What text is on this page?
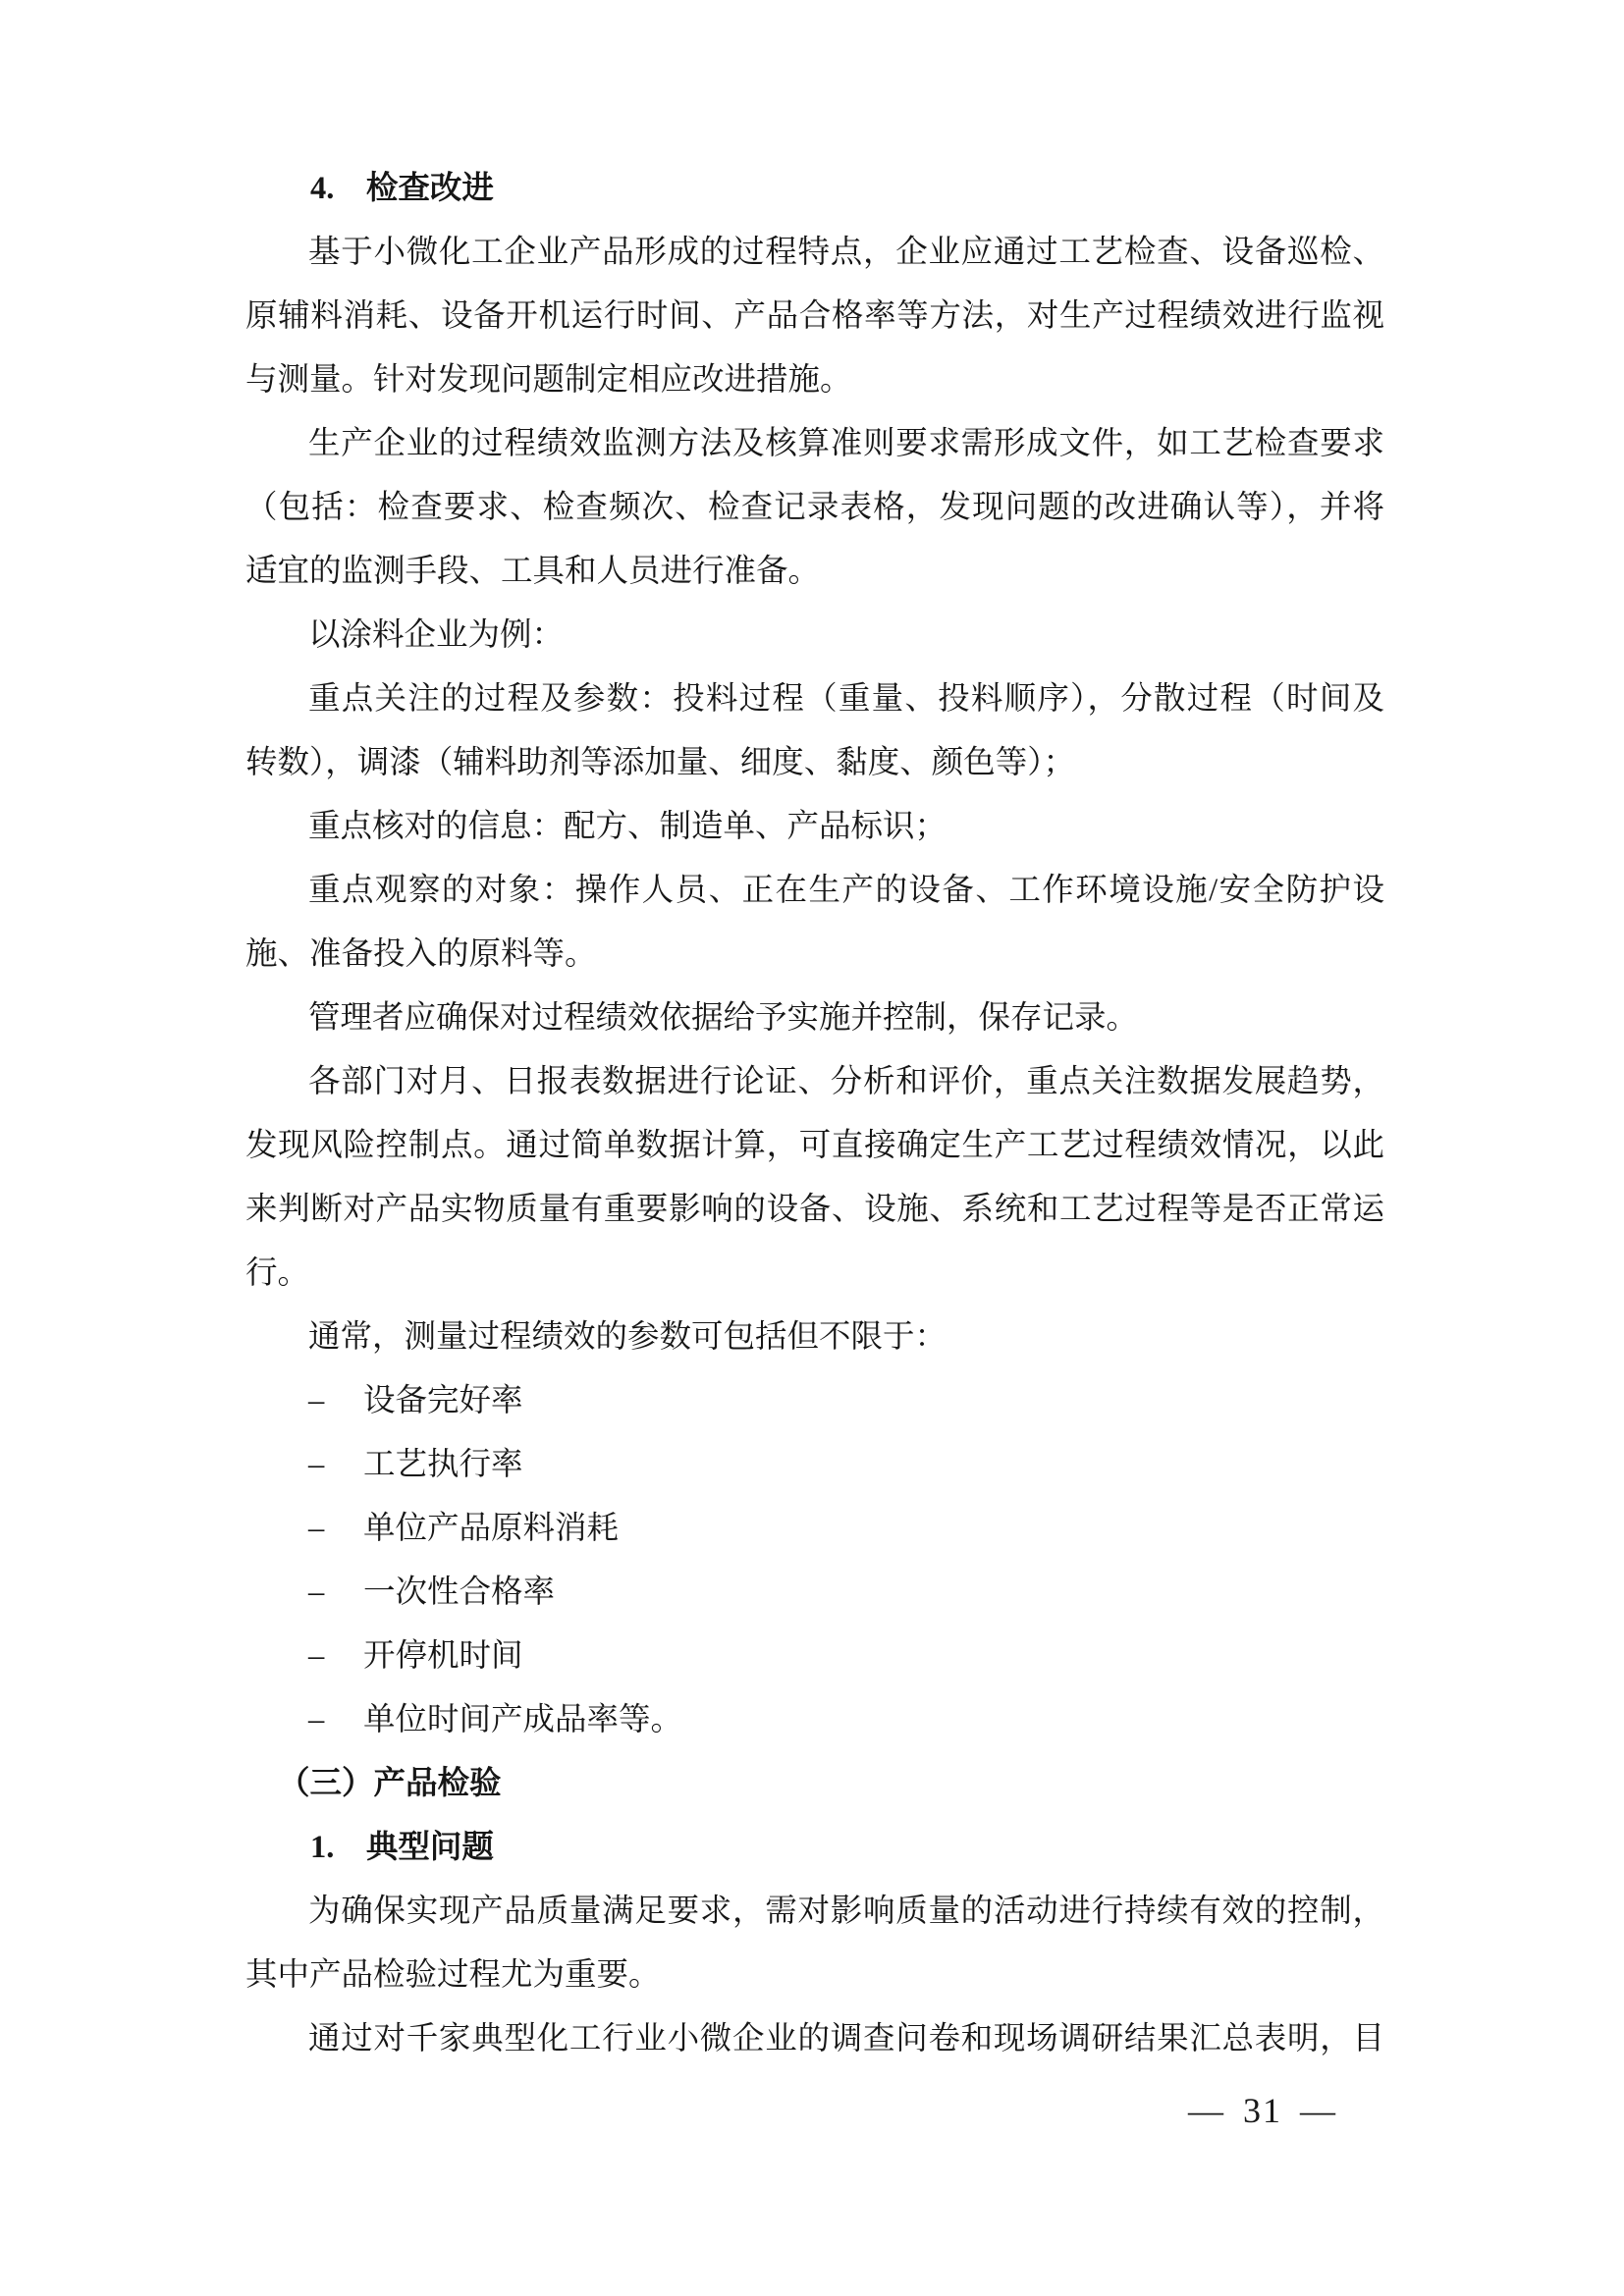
4.　检查改进
基于小微化工企业产品形成的过程特点，企业应通过工艺检查、设备巡检、
原辅料消耗、设备开机运行时间、产品合格率等方法，对生产过程绩效进行监视
与测量。针对发现问题制定相应改进措施。
生产企业的过程绩效监测方法及核算准则要求需形成文件，如工艺检查要求
（包括：检查要求、检查频次、检查记录表格，发现问题的改进确认等），并将
适宜的监测手段、工具和人员进行准备。
以涂料企业为例：
重点关注的过程及参数：投料过程（重量、投料顺序），分散过程（时间及
转数），调漆（辅料助剂等添加量、细度、黏度、颜色等）；
重点核对的信息：配方、制造单、产品标识；
重点观察的对象：操作人员、正在生产的设备、工作环境设施/安全防护设
施、准备投入的原料等。
管理者应确保对过程绩效依据给予实施并控制，保存记录。
各部门对月、日报表数据进行论证、分析和评价，重点关注数据发展趋势，
发现风险控制点。通过简单数据计算，可直接确定生产工艺过程绩效情况，以此
来判断对产品实物质量有重要影响的设备、设施、系统和工艺过程等是否正常运
行。
通常，测量过程绩效的参数可包括但不限于：
– 设备完好率
– 工艺执行率
– 单位产品原料消耗
– 一次性合格率
– 开停机时间
– 单位时间产成品率等。
（三）产品检验
1.　典型问题
为确保实现产品质量满足要求，需对影响质量的活动进行持续有效的控制，
其中产品检验过程尤为重要。
通过对千家典型化工行业小微企业的调查问卷和现场调研结果汇总表明，目
— 31 —
